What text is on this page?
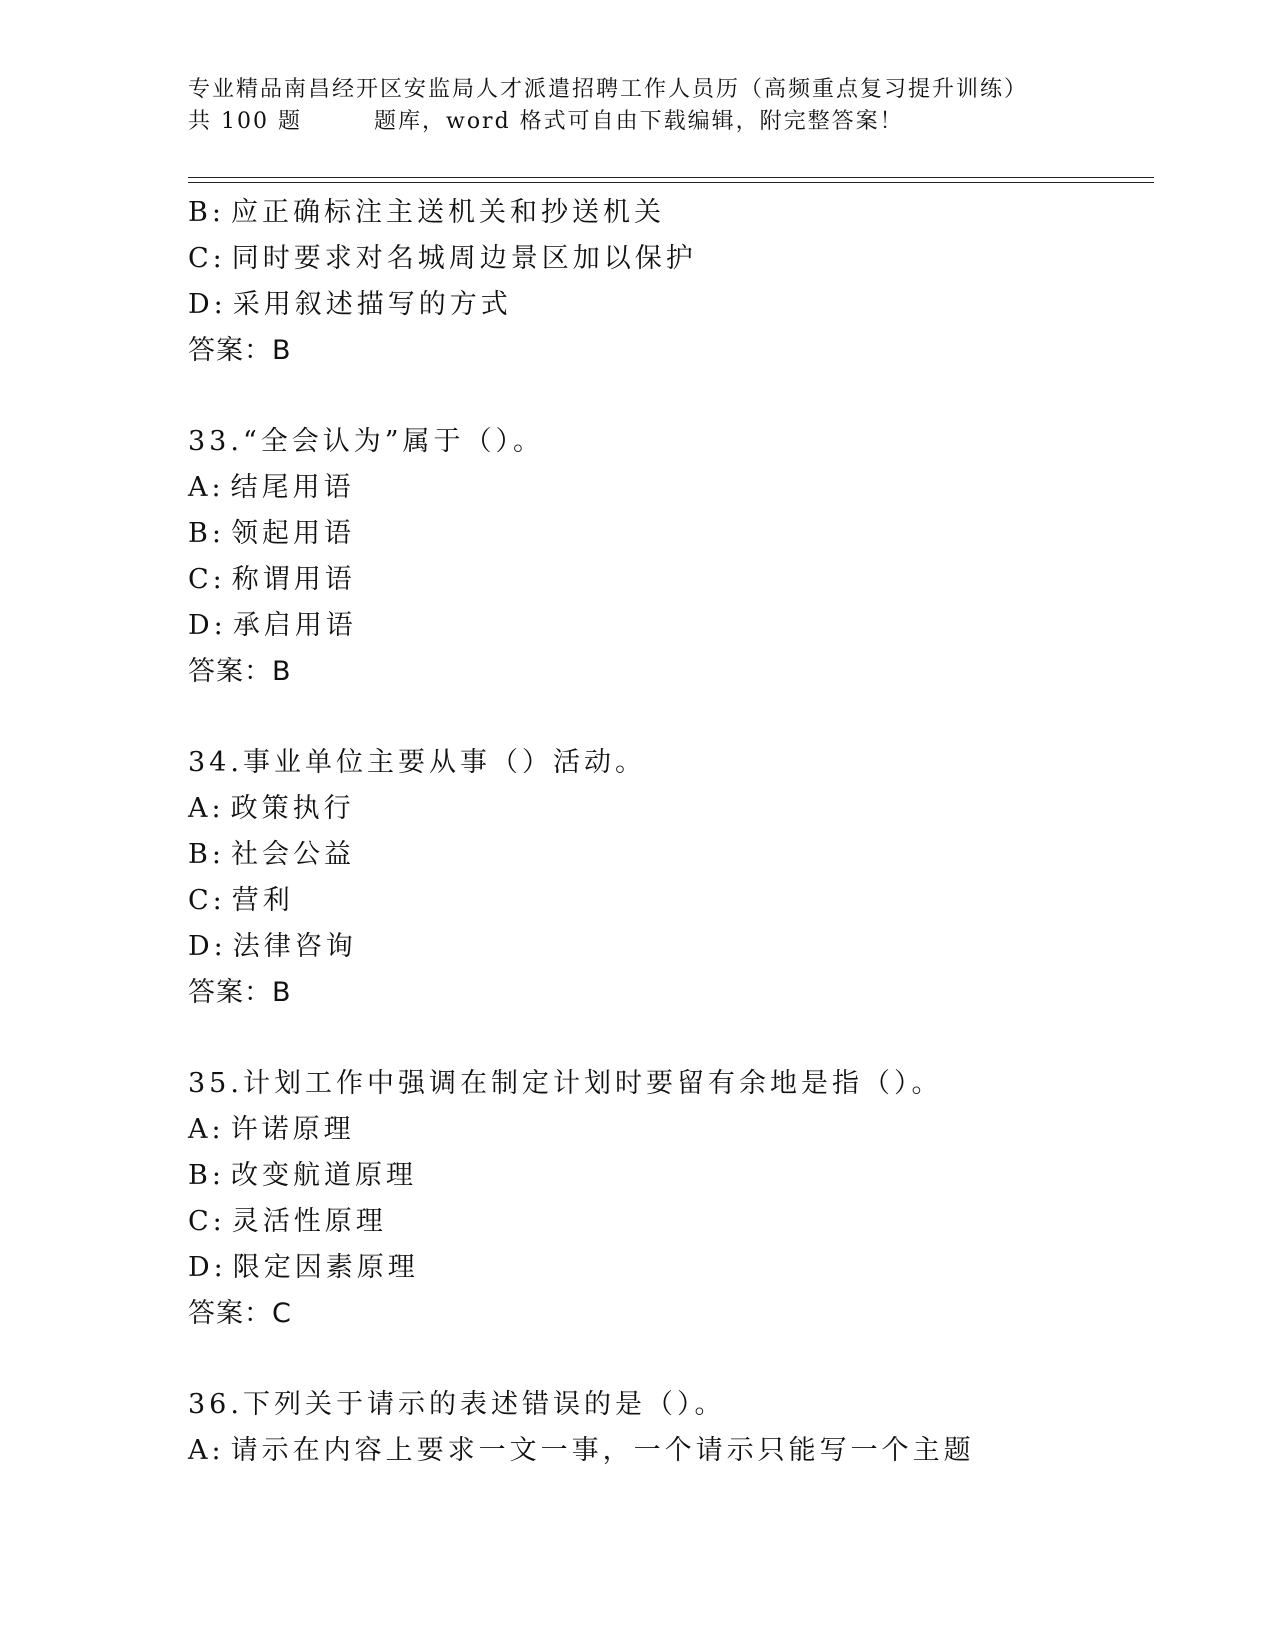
专业精品南昌经开区安监局人才派遣招聘工作人员历（高频重点复习提升训练）
共 100 题	题库，word 格式可自由下载编辑，附完整答案！
B: 应正确标注主送机关和抄送机关
C: 同时要求对名城周边景区加以保护
D: 采用叙述描写的方式
答案：B
33.“全会认为”属于（）。
A: 结尾用语
B: 领起用语
C: 称谓用语
D: 承启用语
答案：B
34.事业单位主要从事（）活动。
A: 政策执行
B: 社会公益
C: 营利
D: 法律咨询
答案：B
35.计划工作中强调在制定计划时要留有余地是指（）。
A: 许诺原理
B: 改变航道原理
C: 灵活性原理
D: 限定因素原理
答案：C
36.下列关于请示的表述错误的是（）。
A: 请示在内容上要求一文一事，一个请示只能写一个主题
